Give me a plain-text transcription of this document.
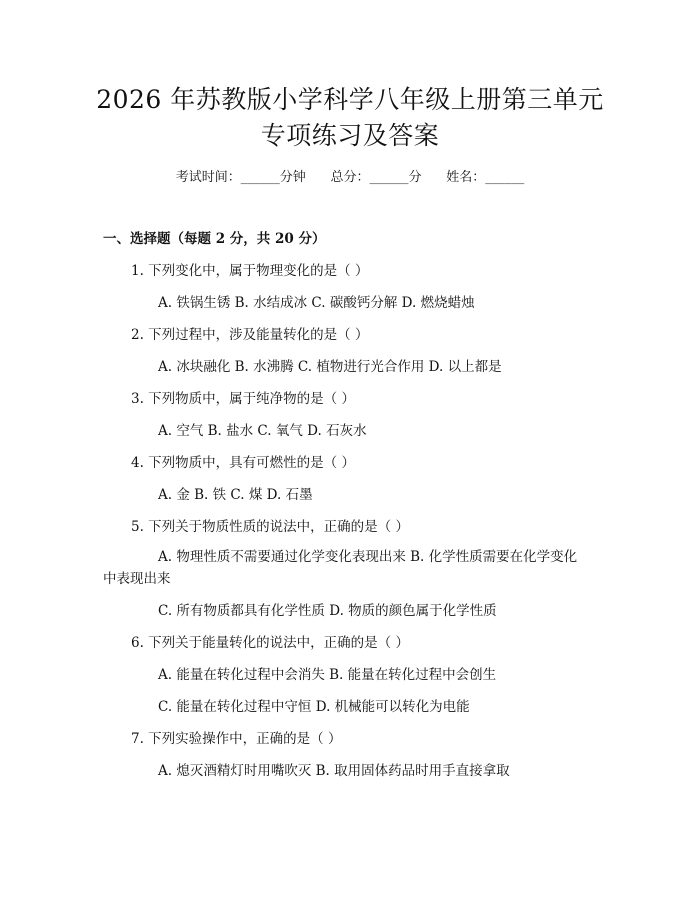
2026 年苏教版小学科学八年级上册第三单元
专项练习及答案
考试时间：______分钟      总分：______分      姓名：______
一、选择题（每题 2 分，共 20 分）
1. 下列变化中，属于物理变化的是（ ）
A. 铁锅生锈 B. 水结成冰 C. 碳酸钙分解 D. 燃烧蜡烛
2. 下列过程中，涉及能量转化的是（ ）
A. 冰块融化 B. 水沸腾 C. 植物进行光合作用 D. 以上都是
3. 下列物质中，属于纯净物的是（ ）
A. 空气 B. 盐水 C. 氧气 D. 石灰水
4. 下列物质中，具有可燃性的是（ ）
A. 金 B. 铁 C. 煤 D. 石墨
5. 下列关于物质性质的说法中，正确的是（ ）
A. 物理性质不需要通过化学变化表现出来 B. 化学性质需要在化学变化
中表现出来
C. 所有物质都具有化学性质 D. 物质的颜色属于化学性质
6. 下列关于能量转化的说法中，正确的是（ ）
A. 能量在转化过程中会消失 B. 能量在转化过程中会创生
C. 能量在转化过程中守恒 D. 机械能可以转化为电能
7. 下列实验操作中，正确的是（ ）
A. 熄灭酒精灯时用嘴吹灭 B. 取用固体药品时用手直接拿取
